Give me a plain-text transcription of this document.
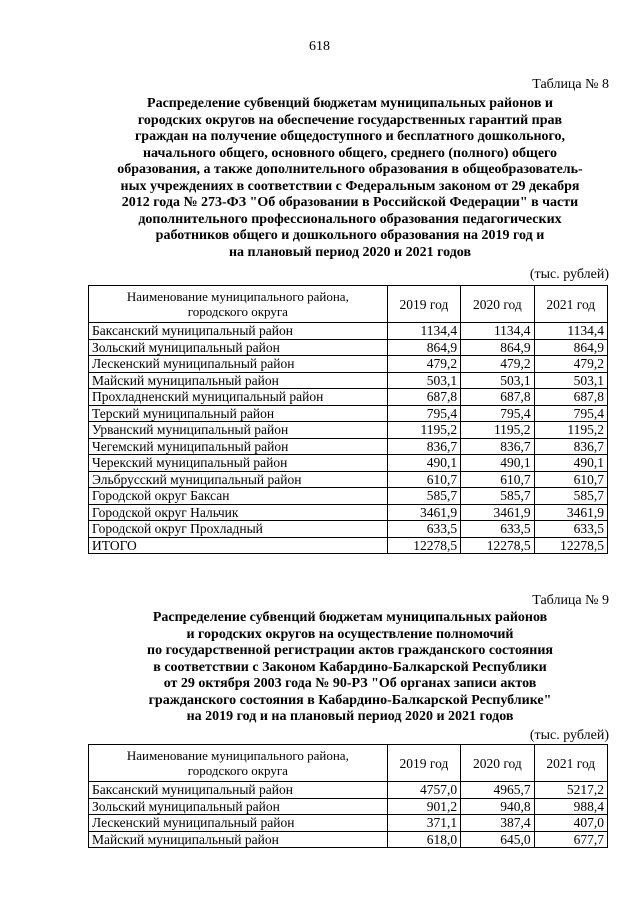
618
Таблица № 8
Распределение субвенций бюджетам муниципальных районов и
городских округов на обеспечение государственных гарантий прав
граждан на получение общедоступного и бесплатного дошкольного,
начального общего, основного общего, среднего (полного) общего
образования, а также дополнительного образования в общеобразователь-
ных учреждениях в соответствии с Федеральным законом от 29 декабря
2012 года № 273-ФЗ "Об образовании в Российской Федерации" в части
дополнительного профессионального образования педагогических
работников общего и дошкольного образования на 2019 год и
на плановый период 2020 и 2021 годов
(тыс. рублей)
Наименование муниципального района,
городского округа	2019 год	2020 год	2021 год
Баксанский муниципальный район	1134,4	1134,4	1134,4
Зольский муниципальный район	864,9	864,9	864,9
Лескенский муниципальный район	479,2	479,2	479,2
Майский муниципальный район	503,1	503,1	503,1
Прохладненский муниципальный район	687,8	687,8	687,8
Терский муниципальный район	795,4	795,4	795,4
Урванский муниципальный район	1195,2	1195,2	1195,2
Чегемский муниципальный район	836,7	836,7	836,7
Черекский муниципальный район	490,1	490,1	490,1
Эльбрусский муниципальный район	610,7	610,7	610,7
Городской округ Баксан	585,7	585,7	585,7
Городской округ Нальчик	3461,9	3461,9	3461,9
Городской округ Прохладный	633,5	633,5	633,5
ИТОГО	12278,5	12278,5	12278,5
Таблица № 9
Распределение субвенций бюджетам муниципальных районов
и городских округов на осуществление полномочий
по государственной регистрации актов гражданского состояния
в соответствии с Законом Кабардино-Балкарской Республики
от 29 октября 2003 года № 90-РЗ "Об органах записи актов
гражданского состояния в Кабардино-Балкарской Республике"
на 2019 год и на плановый период 2020 и 2021 годов
(тыс. рублей)
Наименование муниципального района,
городского округа	2019 год	2020 год	2021 год
Баксанский муниципальный район	4757,0	4965,7	5217,2
Зольский муниципальный район	901,2	940,8	988,4
Лескенский муниципальный район	371,1	387,4	407,0
Майский муниципальный район	618,0	645,0	677,7
